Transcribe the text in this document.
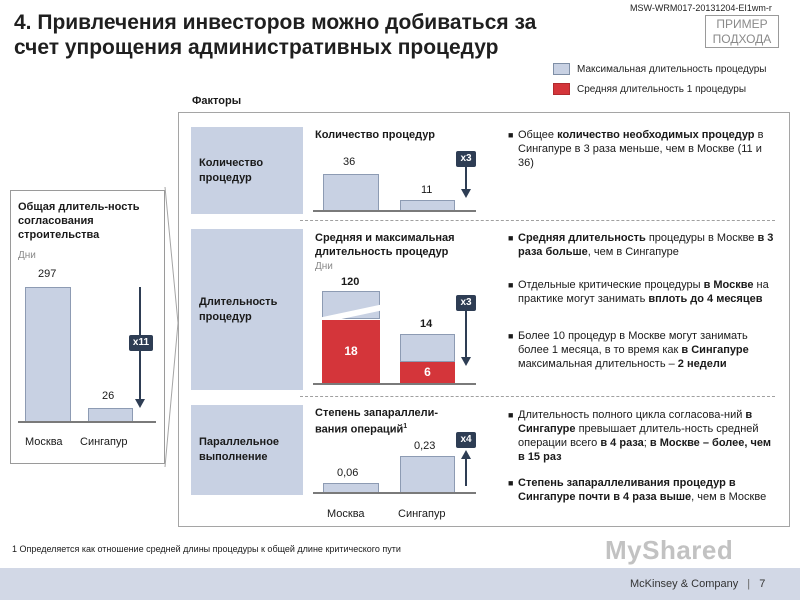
4. Привлечения инвесторов можно добиваться за счет упрощения административных процедур
MSW-WRM017-20131204-EI1wm-r
ПРИМЕР ПОДХОДА
Максимальная длительность процедуры
Средняя длительность 1 процедуры
Общая длитель-ность согласования строительства
Дни
297
26
x11
Москва Сингапур
Факторы
Количество процедур
Количество процедур
36
11
x3
■ Общее количество необходимых процедур в Сингапуре в 3 раза меньше, чем в Москве (11 и 36)
Длительность процедур
Средняя и максимальная длительность процедур
Дни
120
18
14
6
x3
■ Средняя длительность процедуры в Москве в 3 раза больше, чем в Сингапуре
■ Отдельные критические процедуры в Москве на практике могут занимать вплоть до 4 месяцев
■ Более 10 процедур в Москве могут занимать более 1 месяца, в то время как в Сингапуре максимальная длительность – 2 недели
Параллельное выполнение
Степень запараллели-вания операций$^1$
0,06
0,23
x4
Москва	Сингапур
■ Длительность полного цикла согласова-ний в Сингапуре превышает длитель-ность средней операции всего в 4 раза; в Москве – более, чем в 15 раз
■ Степень запараллеливания процедур в Сингапуре почти в 4 раза выше, чем в Москве
1 Определяется как отношение средней длины процедуры к общей длине критического пути	MyShared
McKinsey & Company | 7
